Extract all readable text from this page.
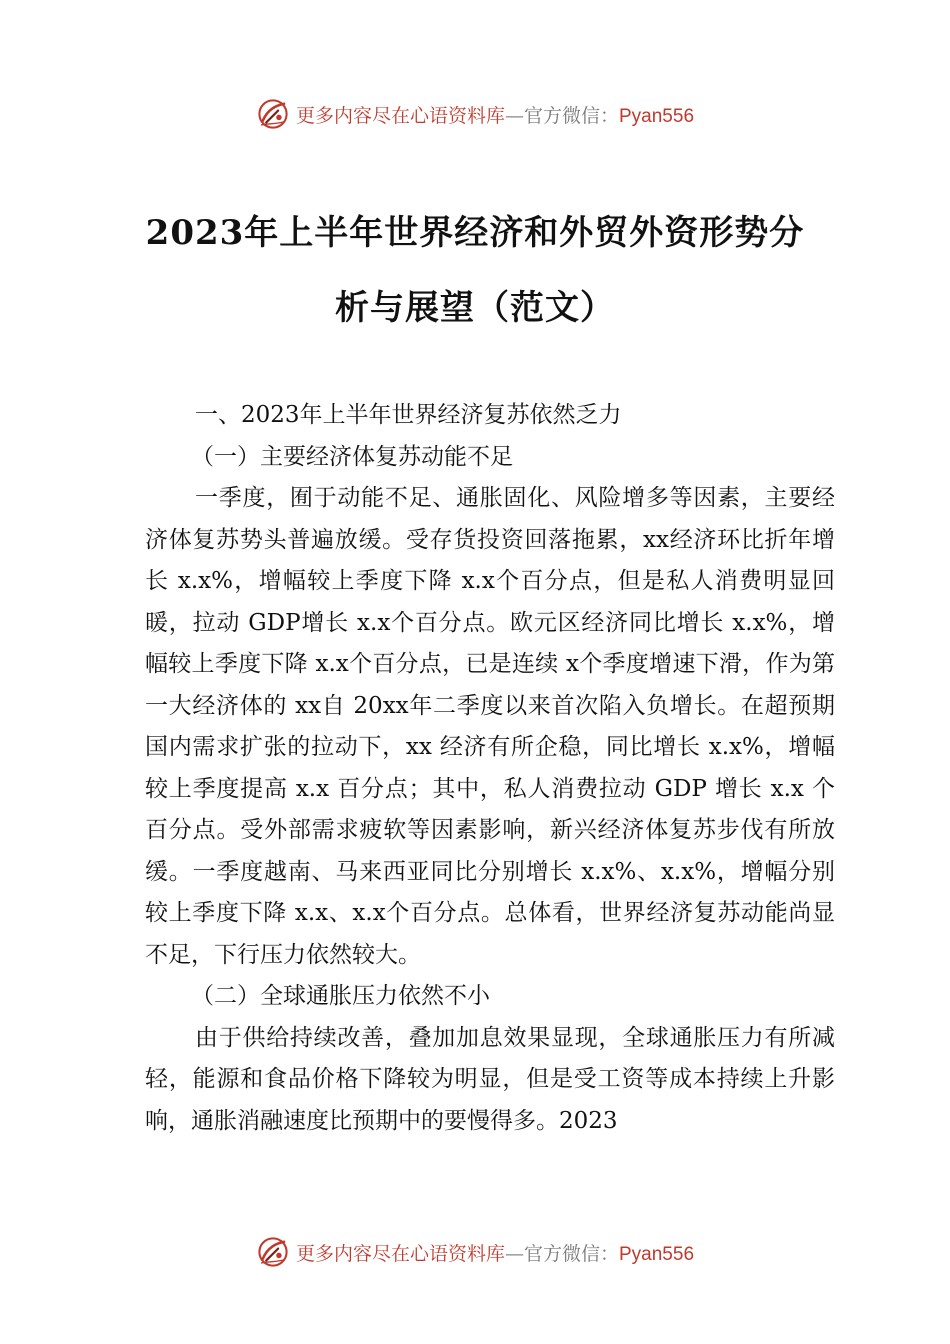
更多内容尽在心语资料库—官方微信：Pyan556
2023年上半年世界经济和外贸外资形势分
析与展望（范文）

一、2023年上半年世界经济复苏依然乏力

（一）主要经济体复苏动能不足

一季度，囿于动能不足、通胀固化、风险增多等因素，主要经济体复苏势头普遍放缓。受存货投资回落拖累，xx经济环比折年增长 x.x%，增幅较上季度下降 x.x个百分点，但是私人消费明显回暖，拉动 GDP增长 x.x个百分点。欧元区经济同比增长 x.x%，增幅较上季度下降 x.x个百分点，已是连续 x个季度增速下滑，作为第一大经济体的 xx自 20xx年二季度以来首次陷入负增长。在超预期国内需求扩张的拉动下，xx 经济有所企稳，同比增长 x.x%，增幅较上季度提高 x.x 百分点；其中，私人消费拉动 GDP 增长 x.x 个百分点。受外部需求疲软等因素影响，新兴经济体复苏步伐有所放缓。一季度越南、马来西亚同比分别增长 x.x%、x.x%，增幅分别较上季度下降 x.x、x.x个百分点。总体看，世界经济复苏动能尚显不足，下行压力依然较大。

（二）全球通胀压力依然不小

由于供给持续改善，叠加加息效果显现，全球通胀压力有所减轻，能源和食品价格下降较为明显，但是受工资等成本持续上升影响，通胀消融速度比预期中的要慢得多。2023

更多内容尽在心语资料库—官方微信：Pyan556
